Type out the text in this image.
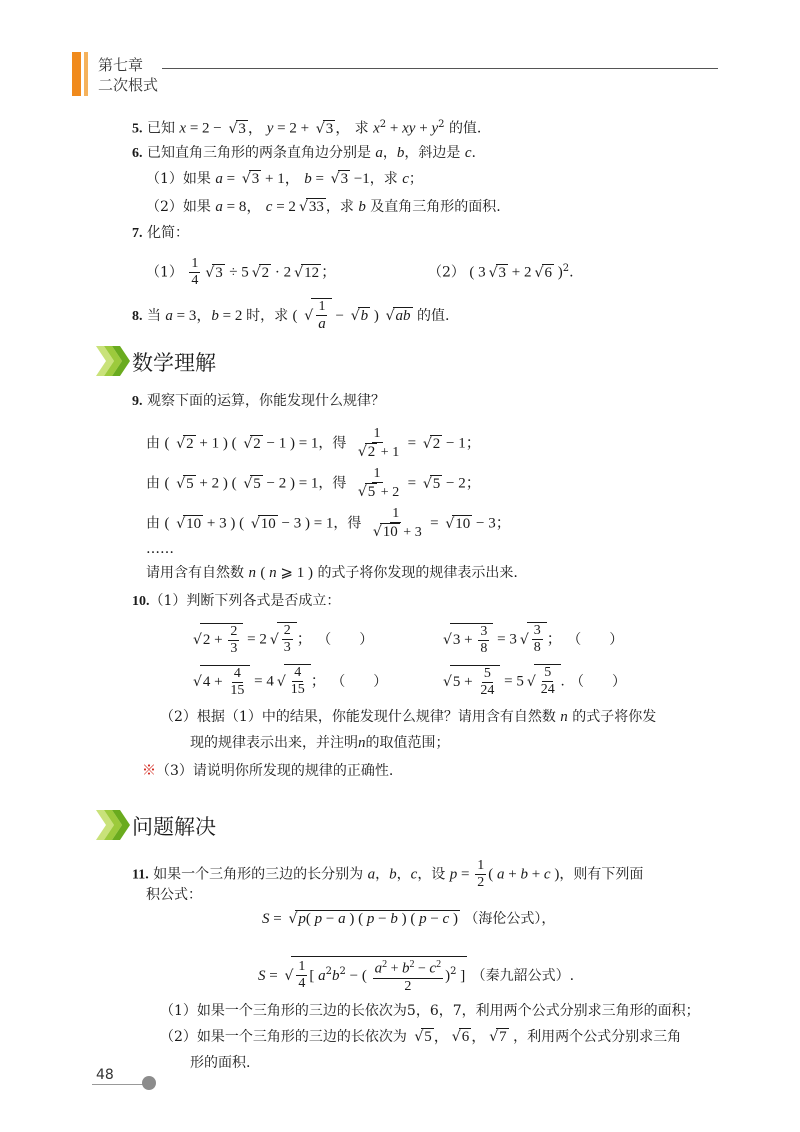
第七章
二次根式
5. 已知 x = 2 − √ 3 ， y = 2 + √ 3 ， 求 $x^2$ + xy + $y^2$ 的值.
6. 已知直角三角形的两条直角边分别是 a，b，斜边是 c.
（1）如果 a = √ 3 + 1， b = √ 3 −1，求 c；
（2）如果 a = 8， c = 2 √ 33 ，求 b 及直角三角形的面积.
7. 化简：
$(1) \frac{1}{4}$ √ 3 ÷ 5 √ 2 · 2 √ 12 ；	（2） ( 3 √ 3 + 2 √ 6 )$^2$.
8. 当 a = 3，b = 2 时，求 ( √ $\frac{1}{a}$ − √ b ) √ ab 的值.
数学理解
9. 观察下面的运算，你能发现什么规律？
由 ( √ 2 + 1 ) ( √ 2 − 1 ) = 1，得 1
√ 2 + 1 = √ 2 − 1；
由 ( √ 5 + 2 ) ( √ 5 − 2 ) = 1，得 1
√ 5 + 2 = √ 5 − 2；
由 ( √ 10 + 3 ) ( √ 10 − 3 ) = 1，得 1
√ 10 + 3 = √ 10 − 3；
……
请用含有自然数 n ( n ⩾ 1 ) 的式子将你发现的规律表示出来.
10.（1）判断下列各式是否成立：
√ $2 + \frac{2}{3} = 2$ √ $\frac{2}{3}$ ； （　　）	√ $3 + \frac{3}{8} = 3$ √ $\frac{3}{8}$ ； （　　）
√ $4 + \frac{4}{15} = 4$ √ $\frac{4}{15}$ ； （　　）	√ $5 + \frac{5}{24} = 5$ √ $\frac{5}{24}$ . （　　）
（2）根据（1）中的结果，你能发现什么规律？请用含有自然数 n 的式子将你发
现的规律表示出来，并注明n的取值范围；
※（3）请说明你所发现的规律的正确性.
问题解决
11. 如果一个三角形的三边的长分别为 a，b，c，设 $p = \frac{1}{2}$ ( a + b + c )，则有下列面
积公式：
S = √ p( p − a ) ( p − b ) ( p − c ) （海伦公式），
S = √ $\frac{1}{4}$ [ $a^2b^2$ − ( $\frac{a^2 + b^2 - c^2}{2} )^2$ ] （秦九韶公式）.
（1）如果一个三角形的三边的长依次为5，6，7，利用两个公式分别求三角形的面积；
（2）如果一个三角形的三边的长依次为 √ 5 ， √ 6 ， √ 7 ，利用两个公式分别求三角
形的面积.
48
